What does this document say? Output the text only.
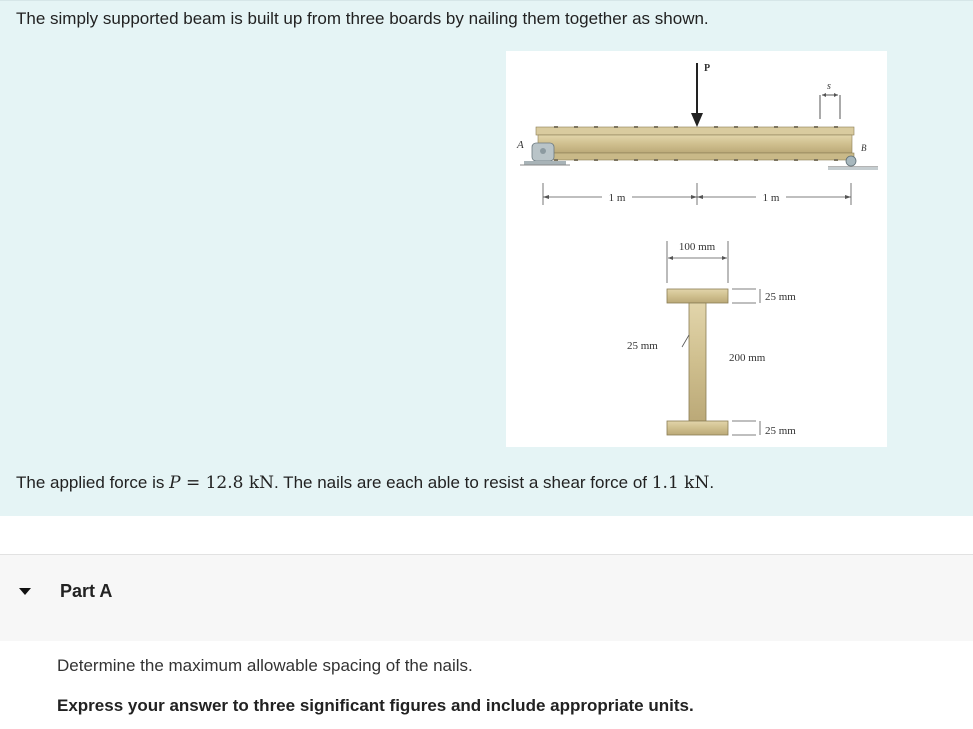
The simply supported beam is built up from three boards by nailing them together as shown.
P
s
A	B
1 m	1 m
100 mm
25 mm
25 mm
200 mm
25 mm
The applied force is P = 12.8 kN. The nails are each able to resist a shear force of 1.1 kN.
Part A
Determine the maximum allowable spacing of the nails.
Express your answer to three significant figures and include appropriate units.
